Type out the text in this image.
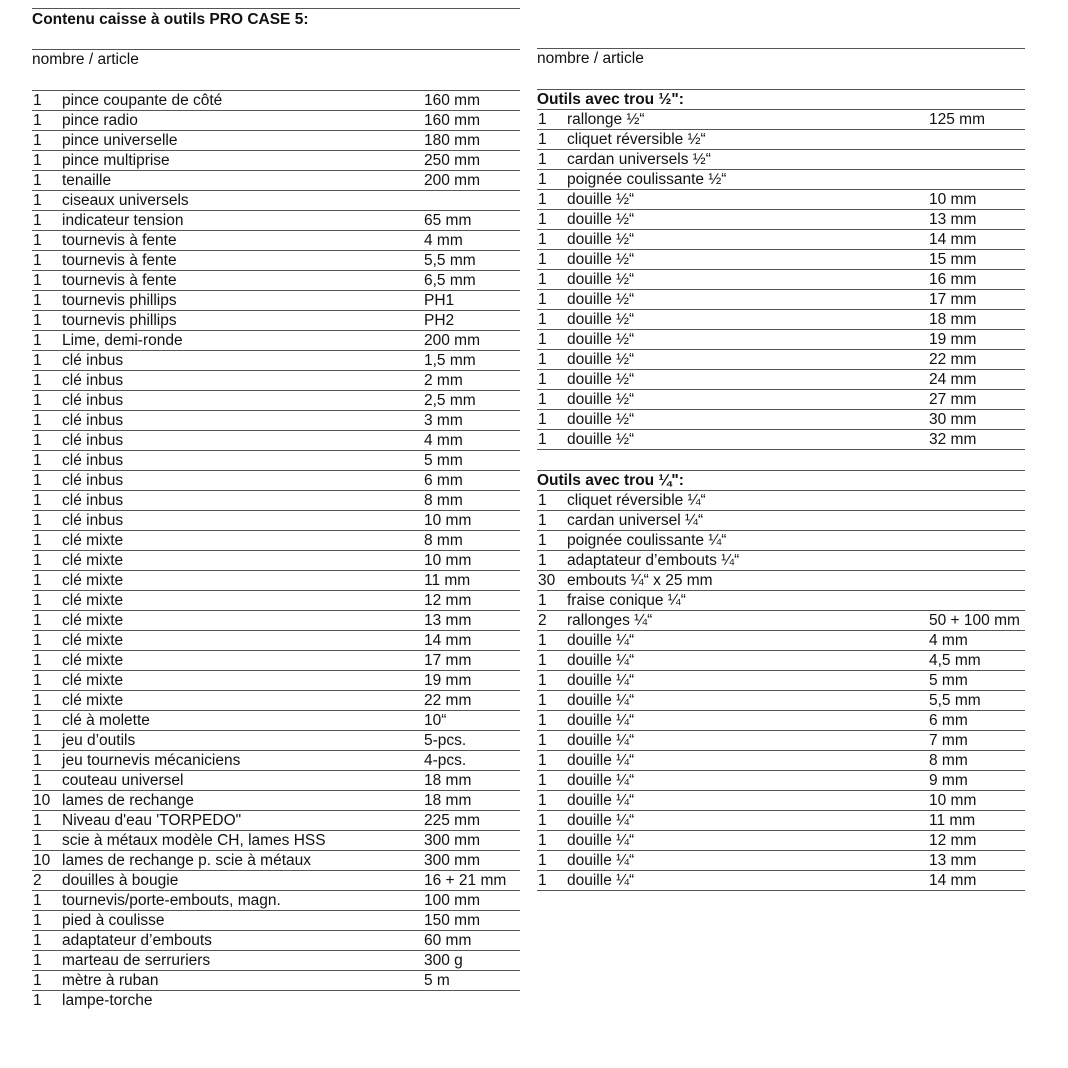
Contenu caisse à outils PRO CASE 5:
nombre / article
1 pince coupante de côté	160 mm
1 pince radio	160 mm
1 pince universelle	180 mm
1 pince multiprise	250 mm
1 tenaille	200 mm
1 ciseaux universels
1 indicateur tension	65 mm
1 tournevis à fente	4 mm
1 tournevis à fente	5,5 mm
1 tournevis à fente	6,5 mm
1 tournevis phillips	PH1
1 tournevis phillips	PH2
1 Lime, demi-ronde	200 mm
1 clé inbus	1,5 mm
1 clé inbus	2 mm
1 clé inbus	2,5 mm
1 clé inbus	3 mm
1 clé inbus	4 mm
1 clé inbus	5 mm
1 clé inbus	6 mm
1 clé inbus	8 mm
1 clé inbus	10 mm
1 clé mixte	8 mm
1 clé mixte	10 mm
1 clé mixte	11 mm
1 clé mixte	12 mm
1 clé mixte	13 mm
1 clé mixte	14 mm
1 clé mixte	17 mm
1 clé mixte	19 mm
1 clé mixte	22 mm
1 clé à molette	10“
1 jeu d’outils	5-pcs.
1 jeu tournevis mécaniciens	4-pcs.
1 couteau universel	18 mm
10 lames de rechange	18 mm
1 Niveau d'eau 'TORPEDO"	225 mm
1 scie à métaux modèle CH, lames HSS	300 mm
10 lames de rechange p. scie à métaux	300 mm
2 douilles à bougie	16 + 21 mm
1 tournevis/porte-embouts, magn.	100 mm
1 pied à coulisse	150 mm
1 adaptateur d’embouts	60 mm
1 marteau de serruriers	300 g
1 mètre à ruban	5 m
1 lampe-torche
nombre / article
Outils avec trou ½":
1 rallonge ½“	125 mm
1 cliquet réversible ½“
1 cardan universels ½“
1 poignée coulissante ½“
1 douille ½“	10 mm
1 douille ½“	13 mm
1 douille ½“	14 mm
1 douille ½“	15 mm
1 douille ½“	16 mm
1 douille ½“	17 mm
1 douille ½“	18 mm
1 douille ½“	19 mm
1 douille ½“	22 mm
1 douille ½“	24 mm
1 douille ½“	27 mm
1 douille ½“	30 mm
1 douille ½“	32 mm
Outils avec trou ¼":
1 cliquet réversible ¼“
1 cardan universel ¼“
1 poignée coulissante ¼“
1 adaptateur d’embouts ¼“
30 embouts ¼“ x 25 mm
1 fraise conique ¼“
2 rallonges ¼“	50 + 100 mm
1 douille ¼“	4 mm
1 douille ¼“	4,5 mm
1 douille ¼“	5 mm
1 douille ¼“	5,5 mm
1 douille ¼“	6 mm
1 douille ¼“	7 mm
1 douille ¼“	8 mm
1 douille ¼“	9 mm
1 douille ¼“	10 mm
1 douille ¼“	11 mm
1 douille ¼“	12 mm
1 douille ¼“	13 mm
1 douille ¼“	14 mm
